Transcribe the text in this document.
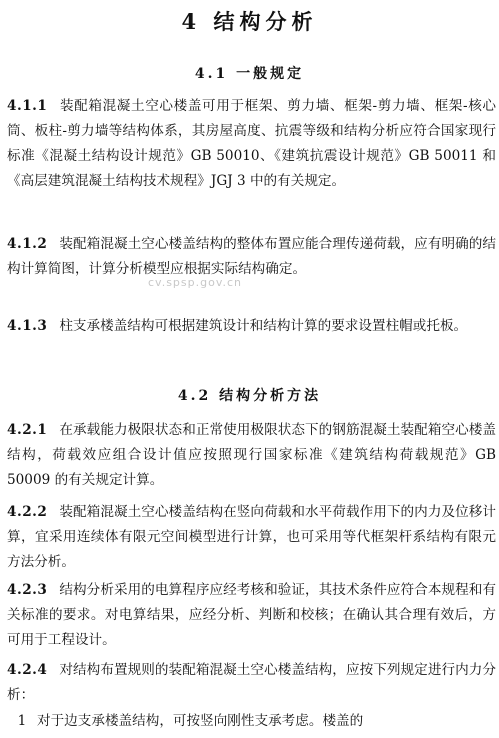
4 结构分析
4.1 一般规定
4.1.1 装配箱混凝土空心楼盖可用于框架、剪力墙、框架-剪力墙、框架-核心筒、板柱-剪力墙等结构体系，其房屋高度、抗震等级和结构分析应符合国家现行标准《混凝土结构设计规范》GB 50010、《建筑抗震设计规范》GB 50011 和《高层建筑混凝土结构技术规程》JGJ 3 中的有关规定。
4.1.2 装配箱混凝土空心楼盖结构的整体布置应能合理传递荷载，应有明确的结构计算简图，计算分析模型应根据实际结构确定。
4.1.3 柱支承楼盖结构可根据建筑设计和结构计算的要求设置柱帽或托板。
4.2 结构分析方法
4.2.1 在承载能力极限状态和正常使用极限状态下的钢筋混凝土装配箱空心楼盖结构，荷载效应组合设计值应按照现行国家标准《建筑结构荷载规范》GB 50009 的有关规定计算。
4.2.2 装配箱混凝土空心楼盖结构在竖向荷载和水平荷载作用下的内力及位移计算，宜采用连续体有限元空间模型进行计算，也可采用等代框架杆系结构有限元方法分析。
4.2.3 结构分析采用的电算程序应经考核和验证，其技术条件应符合本规程和有关标准的要求。对电算结果，应经分析、判断和校核；在确认其合理有效后，方可用于工程设计。
4.2.4 对结构布置规则的装配箱混凝土空心楼盖结构，应按下列规定进行内力分析：
1 对于边支承楼盖结构，可按竖向刚性支承考虑。楼盖的
cv.spsp.gov.cn
